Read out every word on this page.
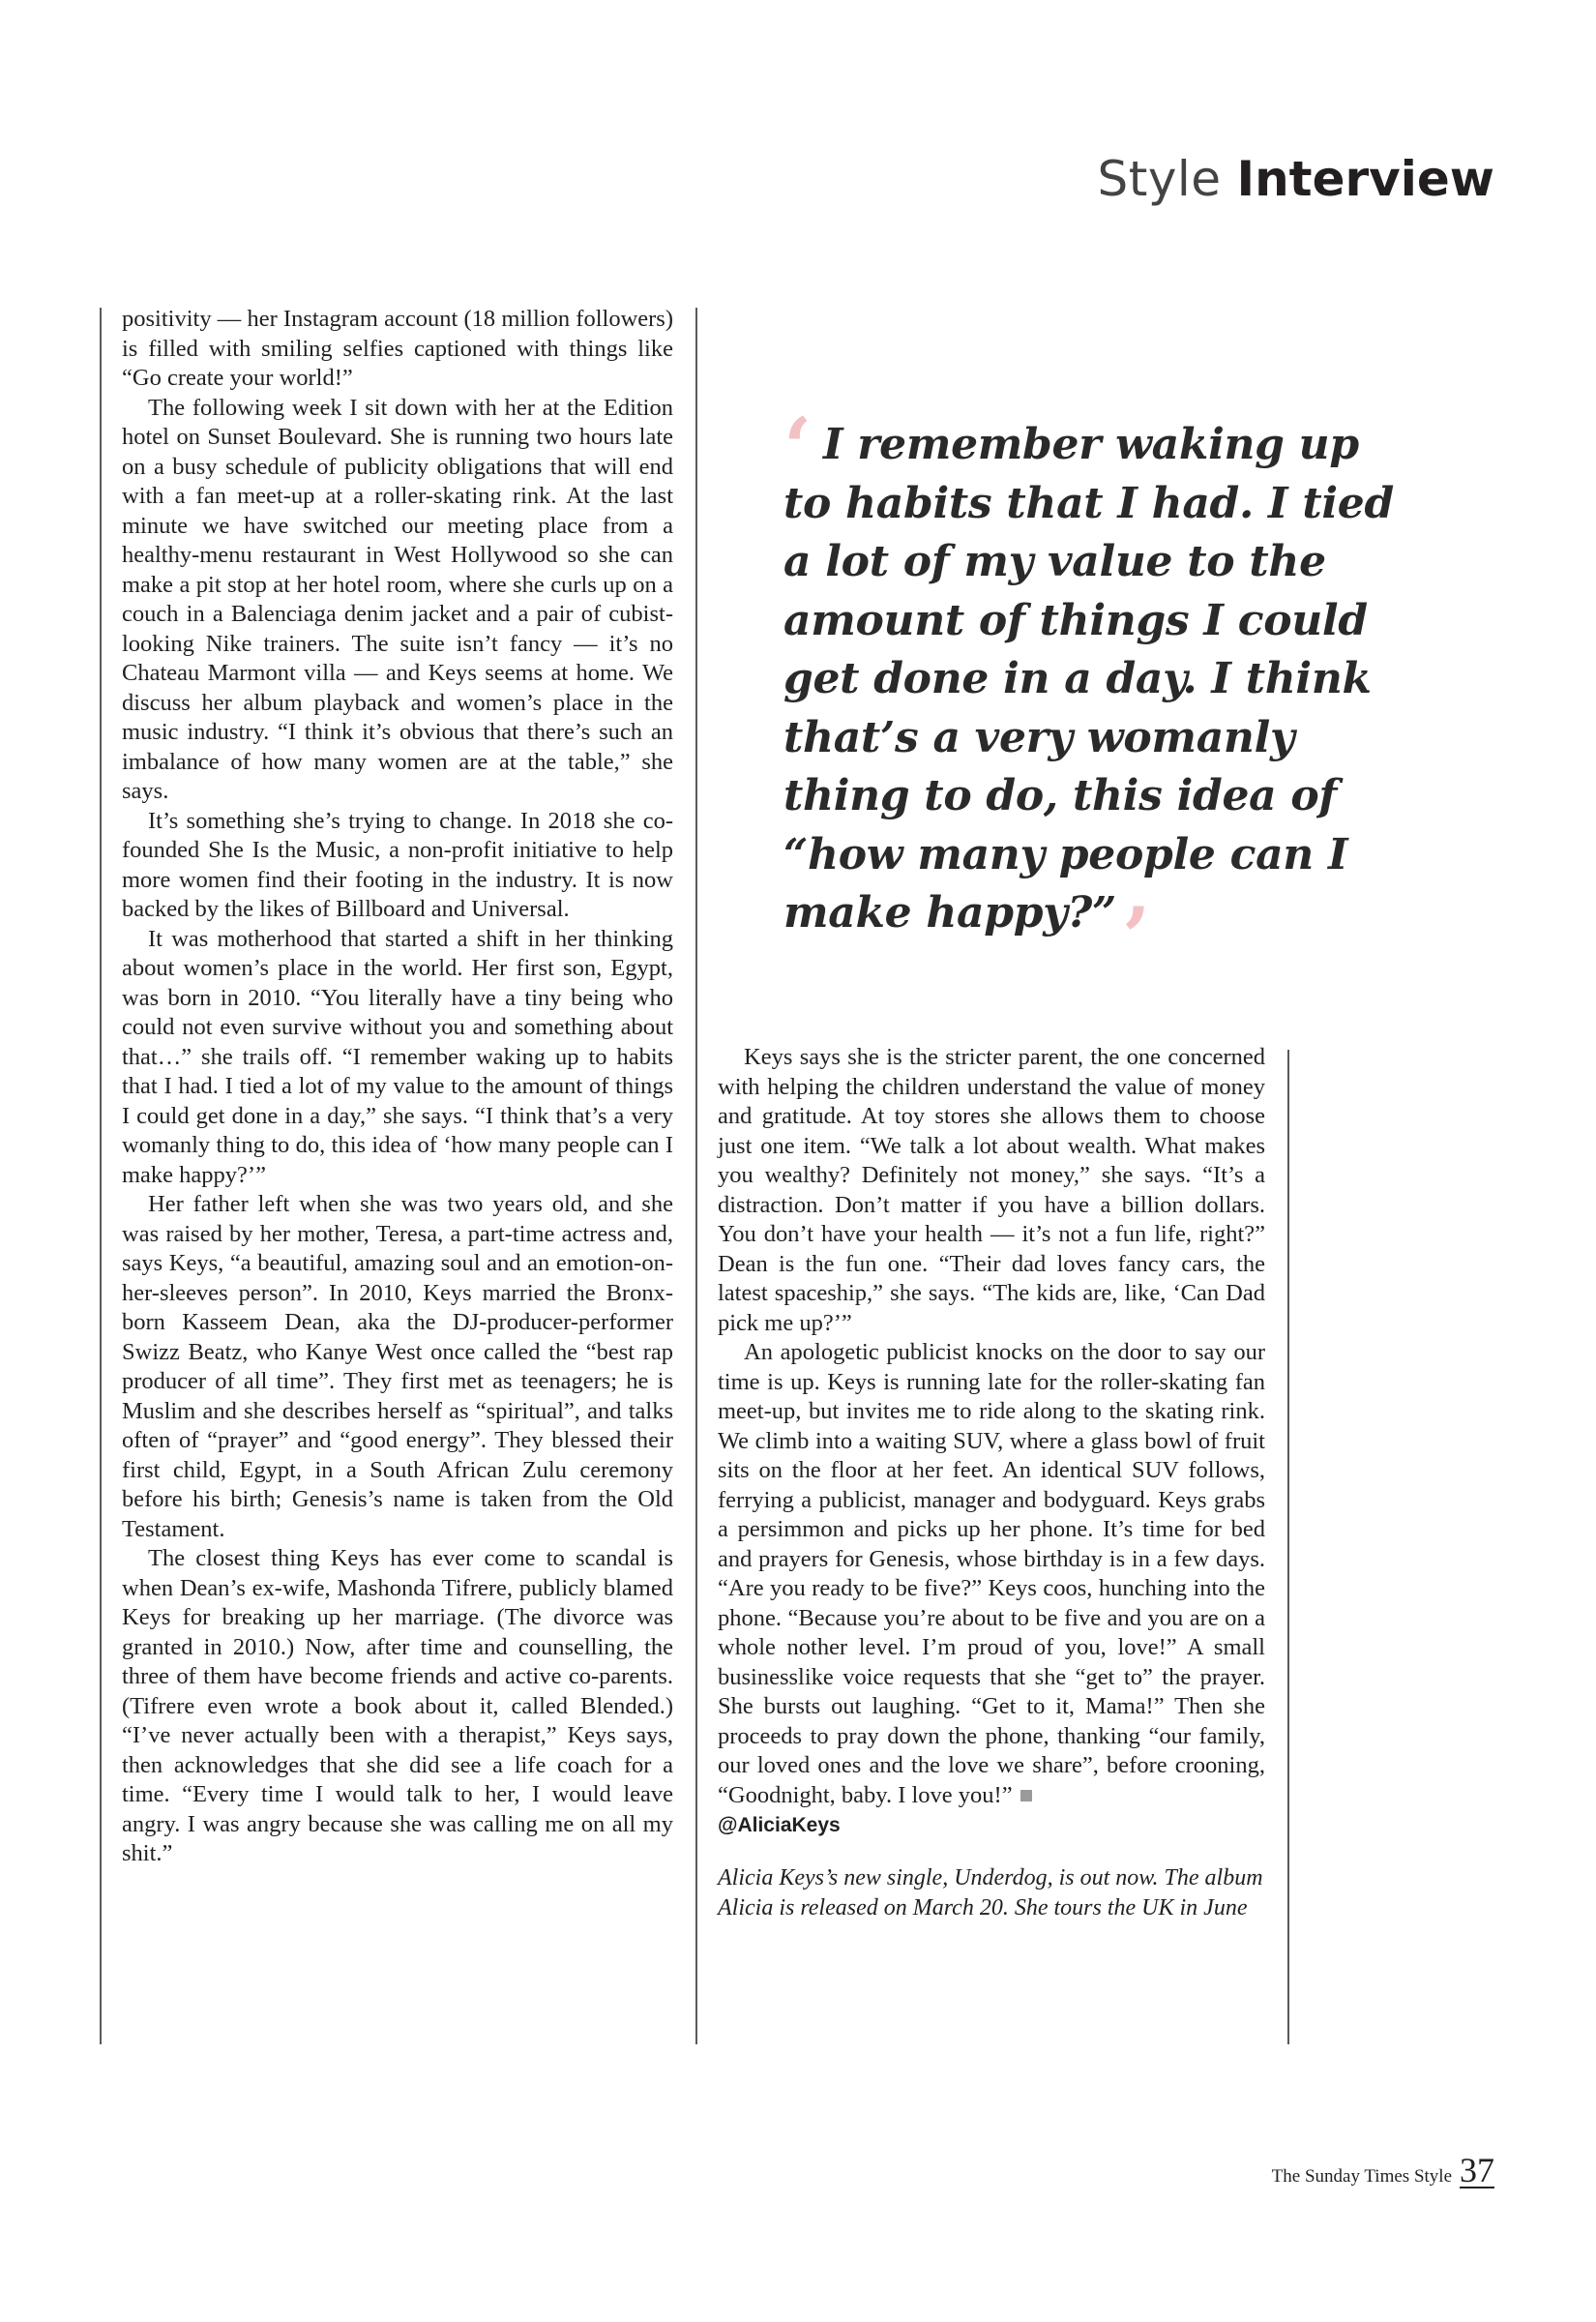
Style Interview

positivity — her Instagram account (18 million followers) is filled with smiling selfies captioned with things like “Go create your world!”

The following week I sit down with her at the Edition hotel on Sunset Boulevard. She is running two hours late on a busy schedule of publicity obligations that will end with a fan meet-up at a roller-skating rink. At the last minute we have switched our meeting place from a healthy-menu restaurant in West Hollywood so she can make a pit stop at her hotel room, where she curls up on a couch in a Balenciaga denim jacket and a pair of cubist-looking Nike trainers. The suite isn’t fancy — it’s no Chateau Marmont villa — and Keys seems at home. We discuss her album playback and women’s place in the music industry. “I think it’s obvious that there’s such an imbalance of how many women are at the table,” she says.

It’s something she’s trying to change. In 2018 she co-founded She Is the Music, a non-profit initiative to help more women find their footing in the industry. It is now backed by the likes of Billboard and Universal.

It was motherhood that started a shift in her thinking about women’s place in the world. Her first son, Egypt, was born in 2010. “You literally have a tiny being who could not even survive without you and something about that…” she trails off. “I remember waking up to habits that I had. I tied a lot of my value to the amount of things I could get done in a day,” she says. “I think that’s a very womanly thing to do, this idea of ‘how many people can I make happy?’”

Her father left when she was two years old, and she was raised by her mother, Teresa, a part-time actress and, says Keys, “a beautiful, amazing soul and an emotion-on-her-sleeves person”. In 2010, Keys married the Bronx-born Kasseem Dean, aka the DJ-producer-performer Swizz Beatz, who Kanye West once called the “best rap producer of all time”. They first met as teenagers; he is Muslim and she describes herself as “spiritual”, and talks often of “prayer” and “good energy”. They blessed their first child, Egypt, in a South African Zulu ceremony before his birth; Genesis’s name is taken from the Old Testament.

The closest thing Keys has ever come to scandal is when Dean’s ex-wife, Mashonda Tifrere, publicly blamed Keys for breaking up her marriage. (The divorce was granted in 2010.) Now, after time and counselling, the three of them have become friends and active co-parents. (Tifrere even wrote a book about it, called Blended.) “I’ve never actually been with a therapist,” Keys says, then acknowledges that she did see a life coach for a time. “Every time I would talk to her, I would leave angry. I was angry because she was calling me on all my shit.”

‘ I remember waking up to habits that I had. I tied a lot of my value to the amount of things I could get done in a day. I think that’s a very womanly thing to do, this idea of “how many people can I make happy?”’

Keys says she is the stricter parent, the one concerned with helping the children understand the value of money and gratitude. At toy stores she allows them to choose just one item. “We talk a lot about wealth. What makes you wealthy? Definitely not money,” she says. “It’s a distraction. Don’t matter if you have a billion dollars. You don’t have your health — it’s not a fun life, right?” Dean is the fun one. “Their dad loves fancy cars, the latest spaceship,” she says. “The kids are, like, ‘Can Dad pick me up?’”

An apologetic publicist knocks on the door to say our time is up. Keys is running late for the roller-skating fan meet-up, but invites me to ride along to the skating rink. We climb into a waiting SUV, where a glass bowl of fruit sits on the floor at her feet. An identical SUV follows, ferrying a publicist, manager and bodyguard. Keys grabs a persimmon and picks up her phone. It’s time for bed and prayers for Genesis, whose birthday is in a few days. “Are you ready to be five?” Keys coos, hunching into the phone. “Because you’re about to be five and you are on a whole nother level. I’m proud of you, love!” A small businesslike voice requests that she “get to” the prayer. She bursts out laughing. “Get to it, Mama!” Then she proceeds to pray down the phone, thanking “our family, our loved ones and the love we share”, before crooning, “Goodnight, baby. I love you!”

@AliciaKeys

Alicia Keys’s new single, Underdog, is out now. The album Alicia is released on March 20. She tours the UK in June

The Sunday Times Style 37
